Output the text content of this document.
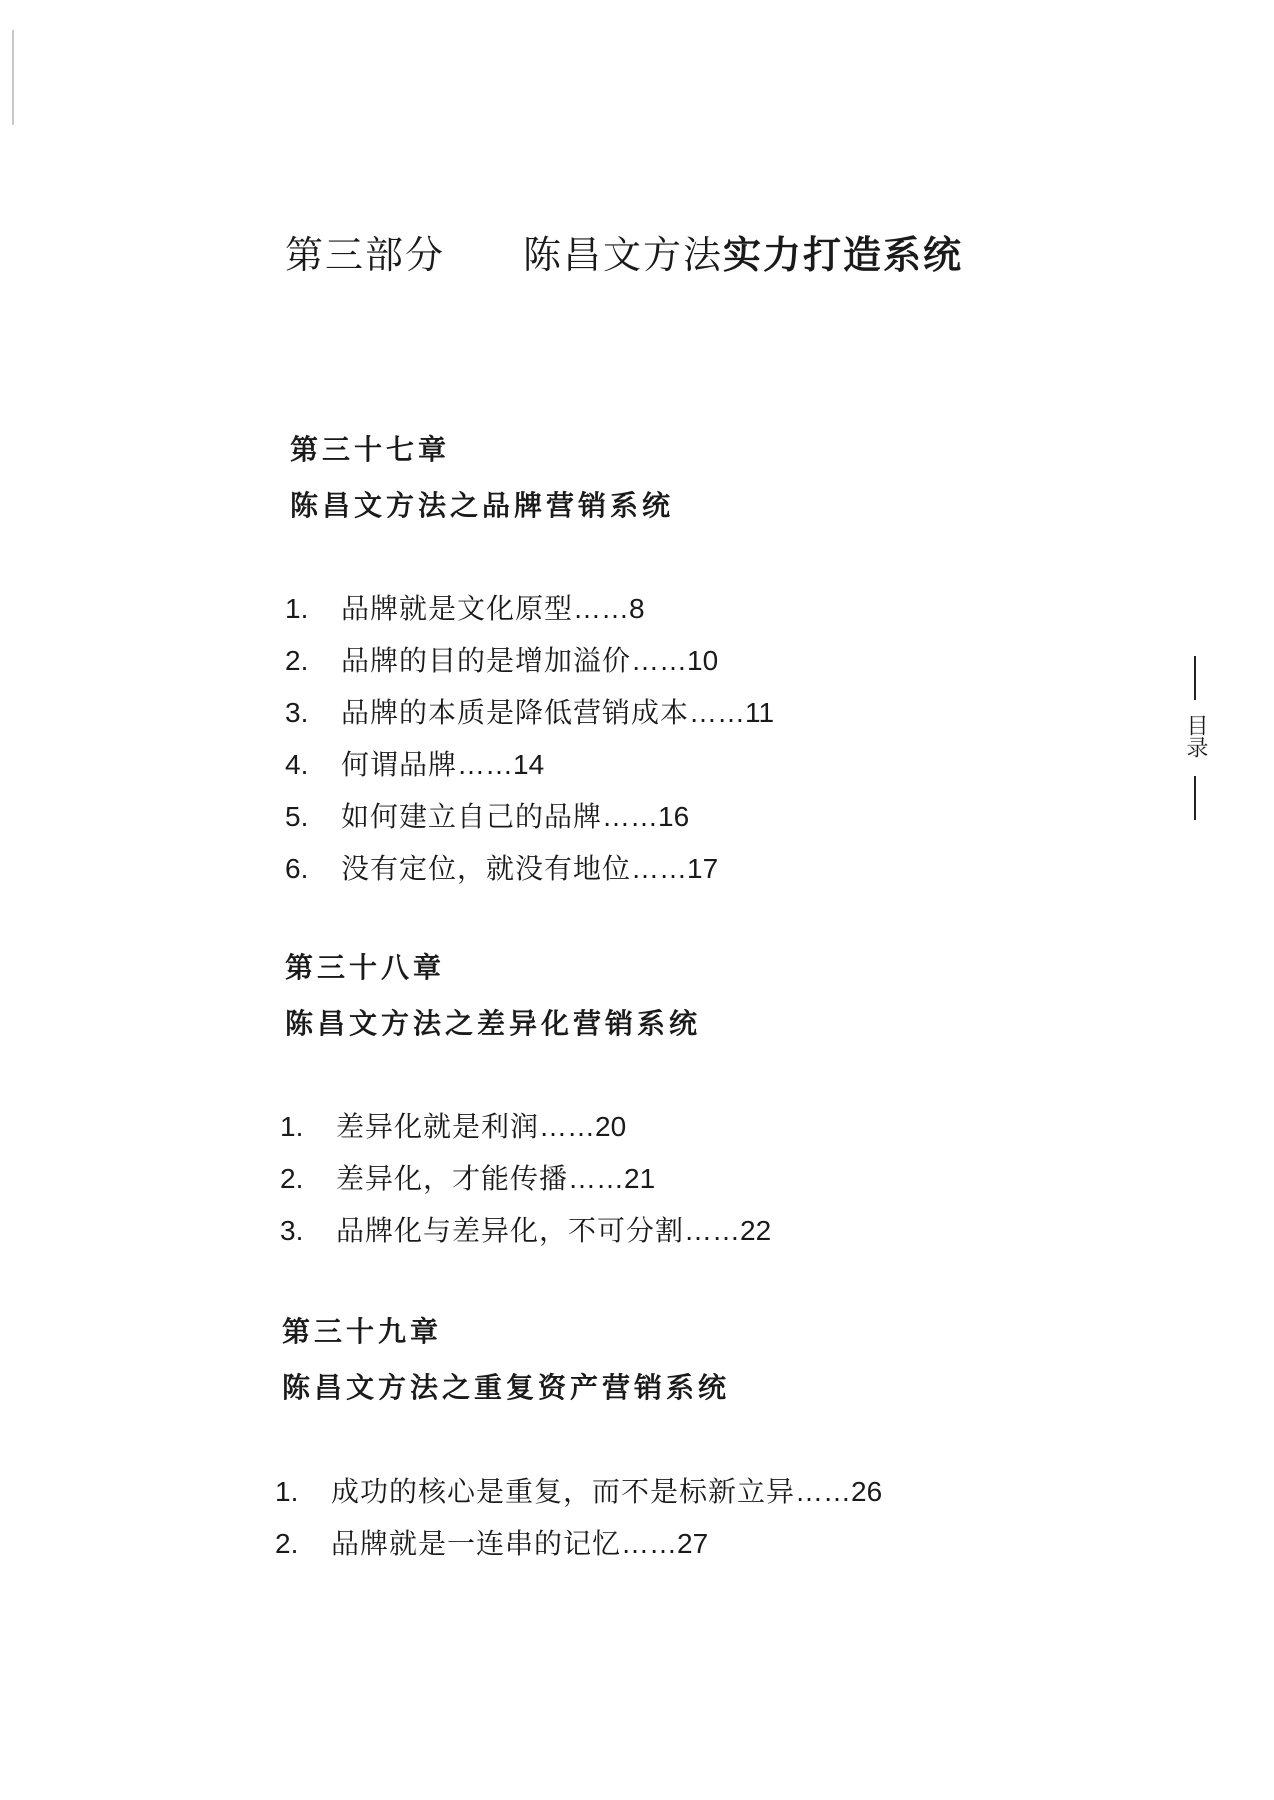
第三部分 陈昌文方法实力打造系统
第三十七章
陈昌文方法之品牌营销系统
1. 品牌就是文化原型……8
2. 品牌的目的是增加溢价……10
3. 品牌的本质是降低营销成本……11
4. 何谓品牌……14
5. 如何建立自己的品牌……16
6. 没有定位，就没有地位……17
第三十八章
陈昌文方法之差异化营销系统
1. 差异化就是利润……20
2. 差异化，才能传播……21
3. 品牌化与差异化，不可分割……22
第三十九章
陈昌文方法之重复资产营销系统
1. 成功的核心是重复，而不是标新立异……26
2. 品牌就是一连串的记忆……27
目录
